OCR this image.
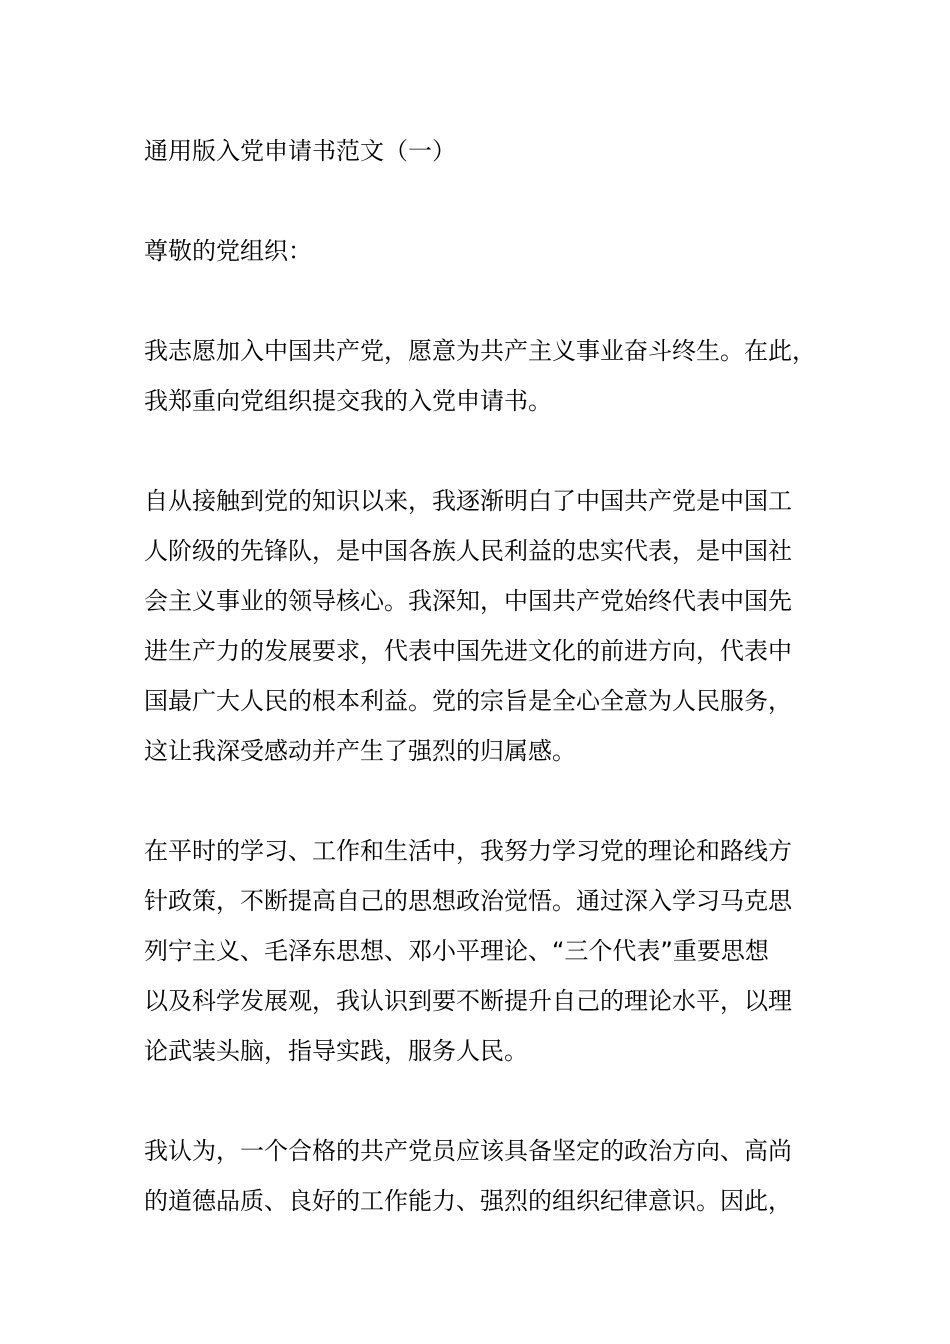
通用版入党申请书范文（一）
尊敬的党组织：
我志愿加入中国共产党，愿意为共产主义事业奋斗终生。在此，
我郑重向党组织提交我的入党申请书。
自从接触到党的知识以来，我逐渐明白了中国共产党是中国工
人阶级的先锋队，是中国各族人民利益的忠实代表，是中国社
会主义事业的领导核心。我深知，中国共产党始终代表中国先
进生产力的发展要求，代表中国先进文化的前进方向，代表中
国最广大人民的根本利益。党的宗旨是全心全意为人民服务，
这让我深受感动并产生了强烈的归属感。
在平时的学习、工作和生活中，我努力学习党的理论和路线方
针政策，不断提高自己的思想政治觉悟。通过深入学习马克思
列宁主义、毛泽东思想、邓小平理论、“三个代表”重要思想
以及科学发展观，我认识到要不断提升自己的理论水平，以理
论武装头脑，指导实践，服务人民。
我认为，一个合格的共产党员应该具备坚定的政治方向、高尚
的道德品质、良好的工作能力、强烈的组织纪律意识。因此，
